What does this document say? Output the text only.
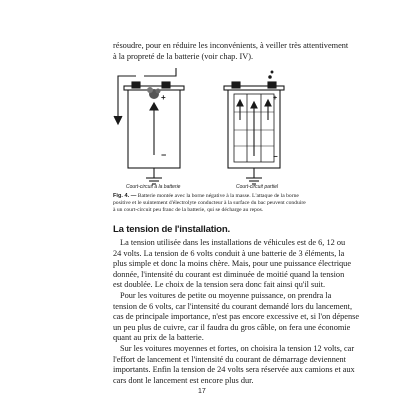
résoudre, pour en réduire les inconvénients, à veiller très attentivement
à la propreté de la batterie (voir chap. IV).
+
−
+
−
Court-circuit à la batterie	Court-circuit partiel
Fig. 4. — Batterie montée avec la borne négative à la masse. L'attaque de la borne
positive et le suintement d'électrolyte conducteur à la surface du bac peuvent conduire
à un court-circuit peu franc de la batterie, qui se décharge au repos.
La tension de l'installation.
La tension utilisée dans les installations de véhicules est de 6, 12 ou
24 volts. La tension de 6 volts conduit à une batterie de 3 éléments, la
plus simple et donc la moins chère. Mais, pour une puissance électrique
donnée, l'intensité du courant est diminuée de moitié quand la tension
est doublée. Le choix de la tension sera donc fait ainsi qu'il suit.
Pour les voitures de petite ou moyenne puissance, on prendra la
tension de 6 volts, car l'intensité du courant demandé lors du lancement,
cas de principale importance, n'est pas encore excessive et, si l'on dépense
un peu plus de cuivre, car il faudra du gros câble, on fera une économie
quant au prix de la batterie.
Sur les voitures moyennes et fortes, on choisira la tension 12 volts, car
l'effort de lancement et l'intensité du courant de démarrage deviennent
importants. Enfin la tension de 24 volts sera réservée aux camions et aux
cars dont le lancement est encore plus dur.
17
